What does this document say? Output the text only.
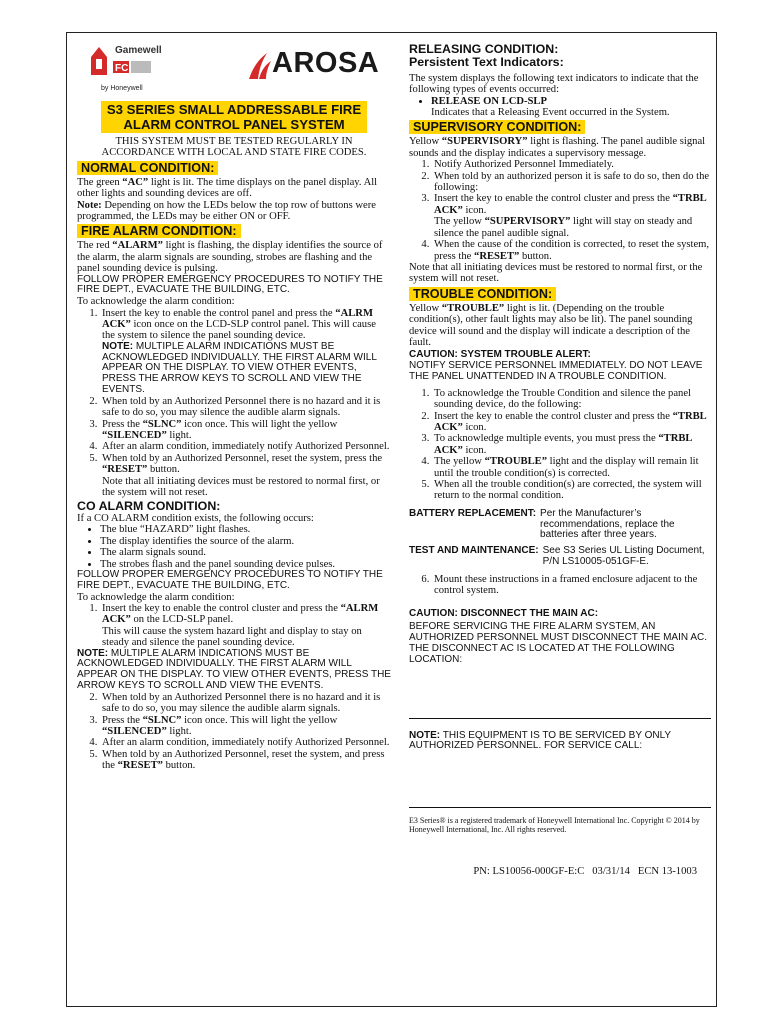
FCI
Gamewell
by Honeywell
AROSA
S3 SERIES SMALL ADDRESSABLE FIRE
ALARM CONTROL PANEL SYSTEM

THIS SYSTEM MUST BE TESTED REGULARLY IN ACCORDANCE WITH LOCAL AND STATE FIRE CODES.

NORMAL CONDITION:

The green “AC” light is lit. The time displays on the panel display. All other lights and sounding devices are off.

Note: Depending on how the LEDs below the top row of buttons were programmed, the LEDs may be either ON or OFF.

FIRE ALARM CONDITION:

The red “ALARM” light is flashing, the display identifies the source of the alarm, the alarm signals are sounding, strobes are flashing and the panel sounding device is pulsing.

FOLLOW PROPER EMERGENCY PROCEDURES TO NOTIFY THE FIRE DEPT., EVACUATE THE BUILDING, ETC.

To acknowledge the alarm condition:

1. Insert the key to enable the control panel and press the “ALRM ACK” icon once on the LCD-SLP control panel. This will cause the system to silence the panel sounding device.

NOTE: MULTIPLE ALARM INDICATIONS MUST BE ACKNOWLEDGED INDIVIDUALLY. THE FIRST ALARM WILL APPEAR ON THE DISPLAY. TO VIEW OTHER EVENTS, PRESS THE ARROW KEYS TO SCROLL AND VIEW THE EVENTS.

2. When told by an Authorized Personnel there is no hazard and it is safe to do so, you may silence the audible alarm signals.
3. Press the “SLNC” icon once. This will light the yellow “SILENCED” light.
4. After an alarm condition, immediately notify Authorized Personnel.
5. When told by an Authorized Personnel, reset the system, press the “RESET” button.

Note that all initiating devices must be restored to normal first, or the system will not reset.

CO ALARM CONDITION:

If a CO ALARM condition exists, the following occurs:

• The blue “HAZARD” light flashes.
• The display identifies the source of the alarm.
• The alarm signals sound.
• The strobes flash and the panel sounding device pulses.

FOLLOW PROPER EMERGENCY PROCEDURES TO NOTIFY THE FIRE DEPT., EVACUATE THE BUILDING, ETC.

To acknowledge the alarm condition:

1. Insert the key to enable the control cluster and press the “ALRM ACK” on the LCD-SLP panel.

This will cause the system hazard light and display to stay on steady and silence the panel sounding device.

NOTE: MULTIPLE ALARM INDICATIONS MUST BE ACKNOWLEDGED INDIVIDUALLY. THE FIRST ALARM WILL APPEAR ON THE DISPLAY. TO VIEW OTHER EVENTS, PRESS THE ARROW KEYS TO SCROLL AND VIEW THE EVENTS.

2. When told by an Authorized Personnel there is no hazard and it is safe to do so, you may silence the audible alarm signals.
3. Press the “SLNC” icon once. This will light the yellow “SILENCED” light.
4. After an alarm condition, immediately notify Authorized Personnel.
5. When told by an Authorized Personnel, reset the system, and press the “RESET” button.

RELEASING CONDITION:

Persistent Text Indicators:

The system displays the following text indicators to indicate that the following types of events occurred:

• RELEASE ON LCD-SLP

Indicates that a Releasing Event occurred in the System.

SUPERVISORY CONDITION:

Yellow “SUPERVISORY” light is flashing. The panel audible signal sounds and the display indicates a supervisory message.

1. Notify Authorized Personnel Immediately.
2. When told by an authorized person it is safe to do so, then do the following:
3. Insert the key to enable the control cluster and press the “TRBL ACK” icon.

The yellow “SUPERVISORY” light will stay on steady and silence the panel audible signal.

4. When the cause of the condition is corrected, to reset the system, press the “RESET” button.

Note that all initiating devices must be restored to normal first, or the system will not reset.

TROUBLE CONDITION:

Yellow “TROUBLE” light is lit. (Depending on the trouble condition(s), other fault lights may also be lit). The panel sounding device will sound and the display will indicate a description of the fault.

CAUTION: SYSTEM TROUBLE ALERT:

NOTIFY SERVICE PERSONNEL IMMEDIATELY. DO NOT LEAVE THE PANEL UNATTENDED IN A TROUBLE CONDITION.

1. To acknowledge the Trouble Condition and silence the panel sounding device, do the following:
2. Insert the key to enable the control cluster and press the “TRBL ACK” icon.
3. To acknowledge multiple events, you must press the “TRBL ACK” icon.
4. The yellow “TROUBLE” light and the display will remain lit until the trouble condition(s) is corrected.
5. When all the trouble condition(s) are corrected, the system will return to the normal condition.
BATTERY REPLACEMENT: Per the Manufacturer’s recommendations, replace the batteries after three years.
TEST AND MAINTENANCE: See S3 Series UL Listing Document,
P/N LS10005-051GF-E.
6. Mount these instructions in a framed enclosure adjacent to the control system.

CAUTION: DISCONNECT THE MAIN AC:

BEFORE SERVICING THE FIRE ALARM SYSTEM, AN AUTHORIZED PERSONNEL MUST DISCONNECT THE MAIN AC. THE DISCONNECT AC IS LOCATED AT THE FOLLOWING LOCATION:

NOTE: THIS EQUIPMENT IS TO BE SERVICED BY ONLY AUTHORIZED PERSONNEL. FOR SERVICE CALL:

E3 Series® is a registered trademark of Honeywell International Inc. Copyright © 2014 by Honeywell International, Inc. All rights reserved.

PN: LS10056-000GF-E:C   03/31/14   ECN 13-1003
